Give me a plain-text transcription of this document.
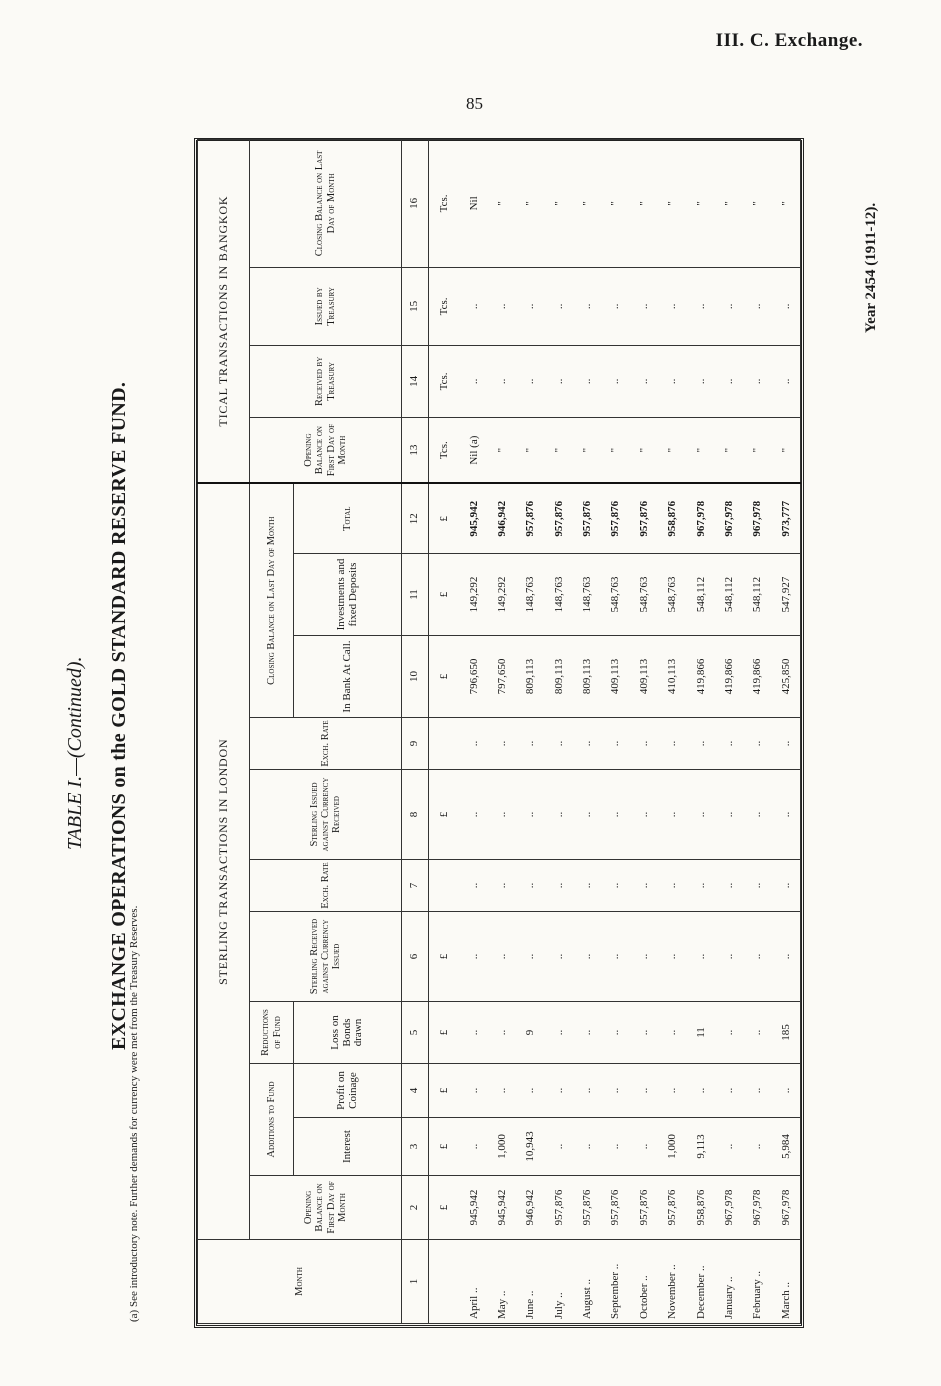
III. C. Exchange.
85
TABLE I.—(Continued). EXCHANGE OPERATIONS on the GOLD STANDARD RESERVE FUND.
(a) See introductory note. Further demands for currency were met from the Treasury Reserves.
Year 2454 (1911-12).
Month	STERLING TRANSACTIONS IN LONDON											TICAL TRANSACTIONS IN BANGKOK			
	Opening Balance on First Day of Month	Additions to Fund		Reductions of Fund	Sterling Received against Currency Issued	Exch. Rate	Sterling Issued against Currency Received	Exch. Rate	Closing Balance on Last Day of Month			Opening Balance on First Day of Month	Received by Treasury	Issued by Treasury	Closing Balance on Last Day of Month
		Interest	Profit on Coinage	Loss on Bonds drawn					In Bank At Call.	Investments and fixed Deposits	Total				
1	2	3	4	5	6	7	8	9	10	11	12	13	14	15	16
	£	£	£	£	£		£		£	£	£	Tcs.	Tcs.	Tcs.	Tcs.
April ..	945,942	..	..	..	..	..	..	..	796,650	149,292	945,942	Nil (a)	..	..	Nil
May ..	945,942	1,000	..	..	..	..	..	..	797,650	149,292	946,942	"	..	..	"
June ..	946,942	10,943	..	9	..	..	..	..	809,113	148,763	957,876	"	..	..	"
July ..	957,876	..	..	..	..	..	..	..	809,113	148,763	957,876	"	..	..	"
August ..	957,876	..	..	..	..	..	..	..	809,113	148,763	957,876	"	..	..	"
September ..	957,876	..	..	..	..	..	..	..	409,113	548,763	957,876	"	..	..	"
October ..	957,876	..	..	..	..	..	..	..	409,113	548,763	957,876	"	..	..	"
November ..	957,876	1,000	..	..	..	..	..	..	410,113	548,763	958,876	"	..	..	"
December ..	958,876	9,113	..	11	..	..	..	..	419,866	548,112	967,978	"	..	..	"
January ..	967,978	..	..	..	..	..	..	..	419,866	548,112	967,978	"	..	..	"
February ..	967,978	..	..	..	..	..	..	..	419,866	548,112	967,978	"	..	..	"
March ..	967,978	5,984	..	185	..	..	..	..	425,850	547,927	973,777	"	..	..	"
